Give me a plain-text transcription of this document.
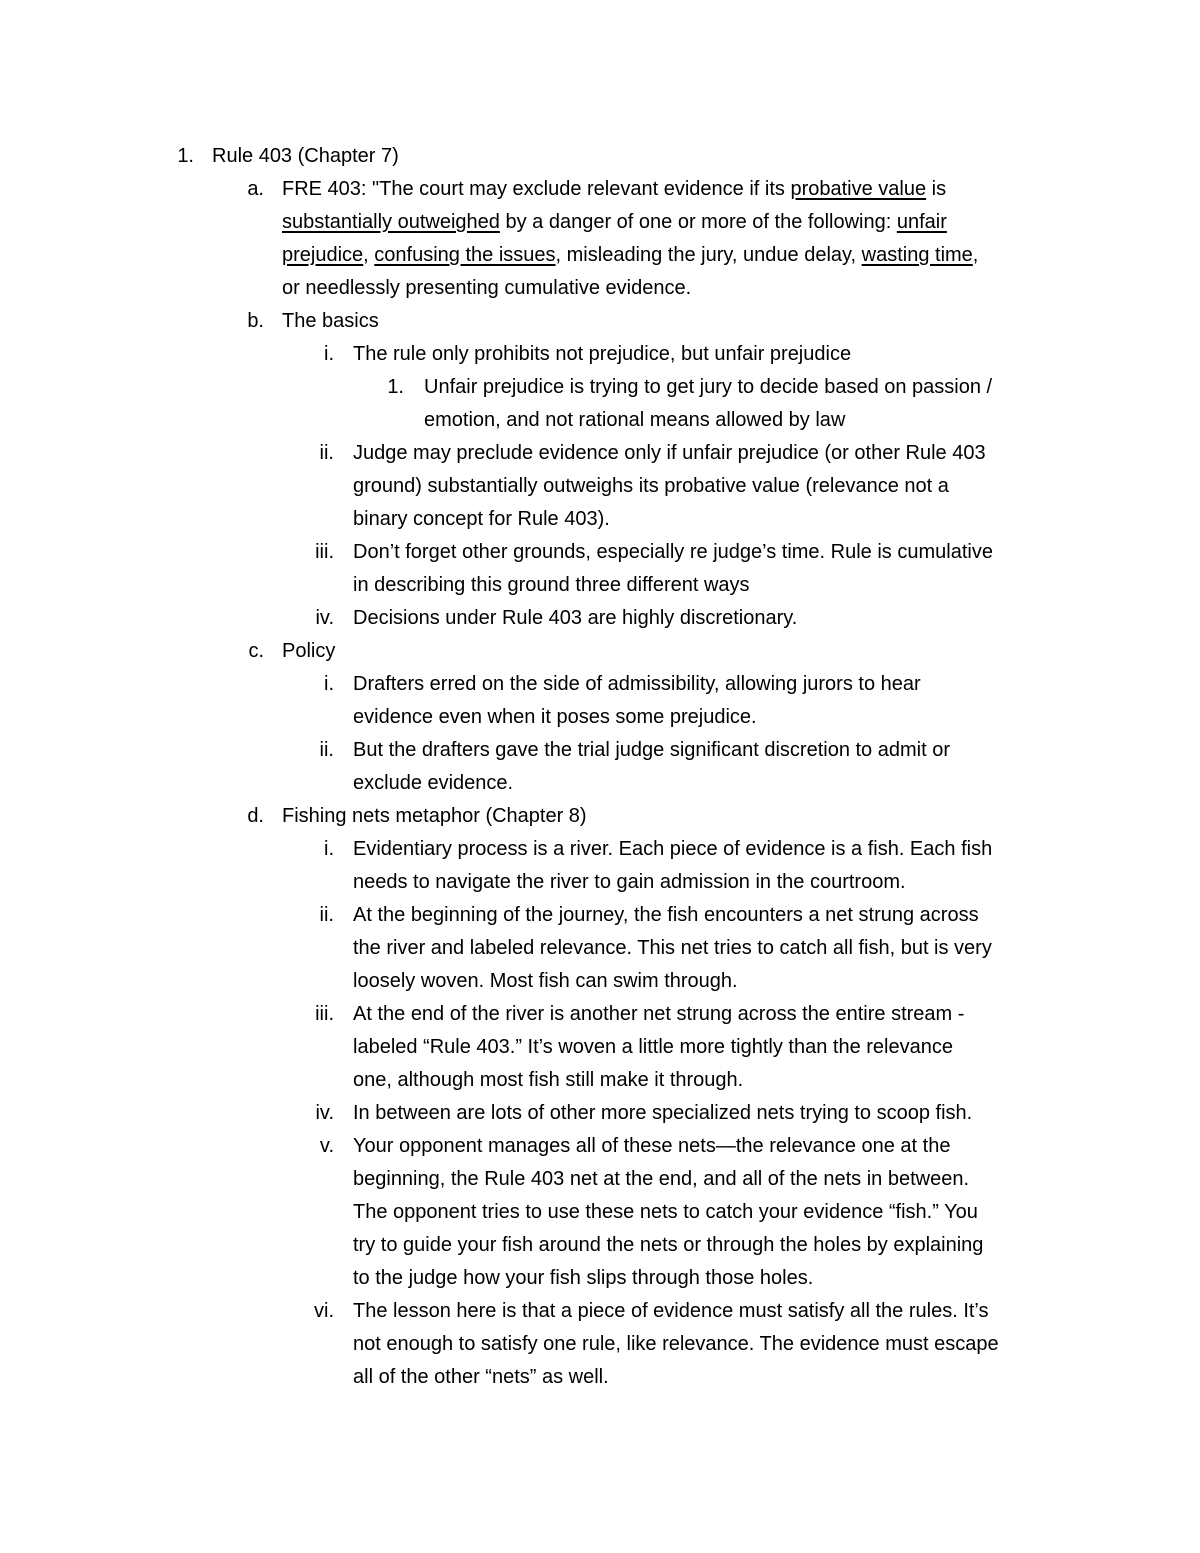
1. Rule 403 (Chapter 7)
a. FRE 403: "The court may exclude relevant evidence if its probative value is
substantially outweighed by a danger of one or more of the following: unfair
prejudice, confusing the issues, misleading the jury, undue delay, wasting time,
or needlessly presenting cumulative evidence.
b. The basics
i. The rule only prohibits not prejudice, but unfair prejudice
1. Unfair prejudice is trying to get jury to decide based on passion /
emotion, and not rational means allowed by law
ii. Judge may preclude evidence only if unfair prejudice (or other Rule 403
ground) substantially outweighs its probative value (relevance not a
binary concept for Rule 403).
iii. Don’t forget other grounds, especially re judge’s time. Rule is cumulative
in describing this ground three different ways
iv. Decisions under Rule 403 are highly discretionary.
c. Policy
i. Drafters erred on the side of admissibility, allowing jurors to hear
evidence even when it poses some prejudice.
ii. But the drafters gave the trial judge significant discretion to admit or
exclude evidence.
d. Fishing nets metaphor (Chapter 8)
i. Evidentiary process is a river. Each piece of evidence is a fish. Each fish
needs to navigate the river to gain admission in the courtroom.
ii. At the beginning of the journey, the fish encounters a net strung across
the river and labeled relevance. This net tries to catch all fish, but is very
loosely woven. Most fish can swim through.
iii. At the end of the river is another net strung across the entire stream -
labeled “Rule 403.” It’s woven a little more tightly than the relevance
one, although most fish still make it through.
iv. In between are lots of other more specialized nets trying to scoop fish.
v. Your opponent manages all of these nets—the relevance one at the
beginning, the Rule 403 net at the end, and all of the nets in between.
The opponent tries to use these nets to catch your evidence “fish.” You
try to guide your fish around the nets or through the holes by explaining
to the judge how your fish slips through those holes.
vi. The lesson here is that a piece of evidence must satisfy all the rules. It’s
not enough to satisfy one rule, like relevance. The evidence must escape
all of the other “nets” as well.
